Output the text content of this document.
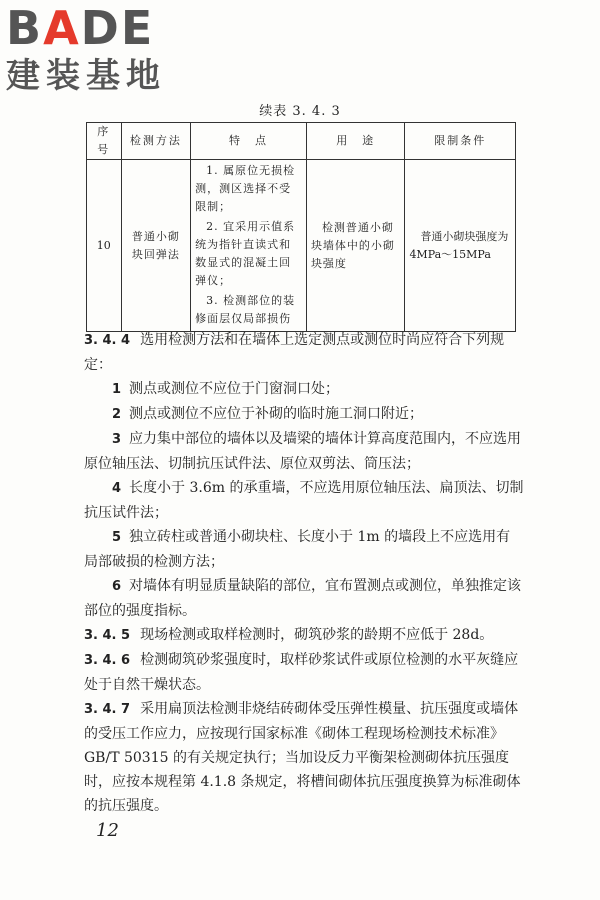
BADE
建装基地
续表 3. 4. 3
序号	检测方法	特　点	用　途	限制条件
10	普通小砌块回弹法	1. 属原位无损检测，测区选择不受限制；

2. 宜采用示值系统为指针直读式和数显式的混凝土回弹仪；

3. 检测部位的装修面层仅局部损伤	检测普通小砌块墙体中的小砌块强度	普通小砌块强度为4MPa～15MPa

3. 4. 4 选用检测方法和在墙体上选定测点或测位时尚应符合下列规定：

1 测点或测位不应位于门窗洞口处；

2 测点或测位不应位于补砌的临时施工洞口附近；

3 应力集中部位的墙体以及墙梁的墙体计算高度范围内，不应选用原位轴压法、切制抗压试件法、原位双剪法、筒压法；

4 长度小于 3.6m 的承重墙，不应选用原位轴压法、扁顶法、切制抗压试件法；

5 独立砖柱或普通小砌块柱、长度小于 1m 的墙段上不应选用有局部破损的检测方法；

6 对墙体有明显质量缺陷的部位，宜布置测点或测位，单独推定该部位的强度指标。

3. 4. 5 现场检测或取样检测时，砌筑砂浆的龄期不应低于 28d。

3. 4. 6 检测砌筑砂浆强度时，取样砂浆试件或原位检测的水平灰缝应处于自然干燥状态。

3. 4. 7 采用扁顶法检测非烧结砖砌体受压弹性模量、抗压强度或墙体的受压工作应力，应按现行国家标准《砌体工程现场检测技术标准》GB/T 50315 的有关规定执行；当加设反力平衡架检测砌体抗压强度时，应按本规程第 4.1.8 条规定，将槽间砌体抗压强度换算为标准砌体的抗压强度。

12
